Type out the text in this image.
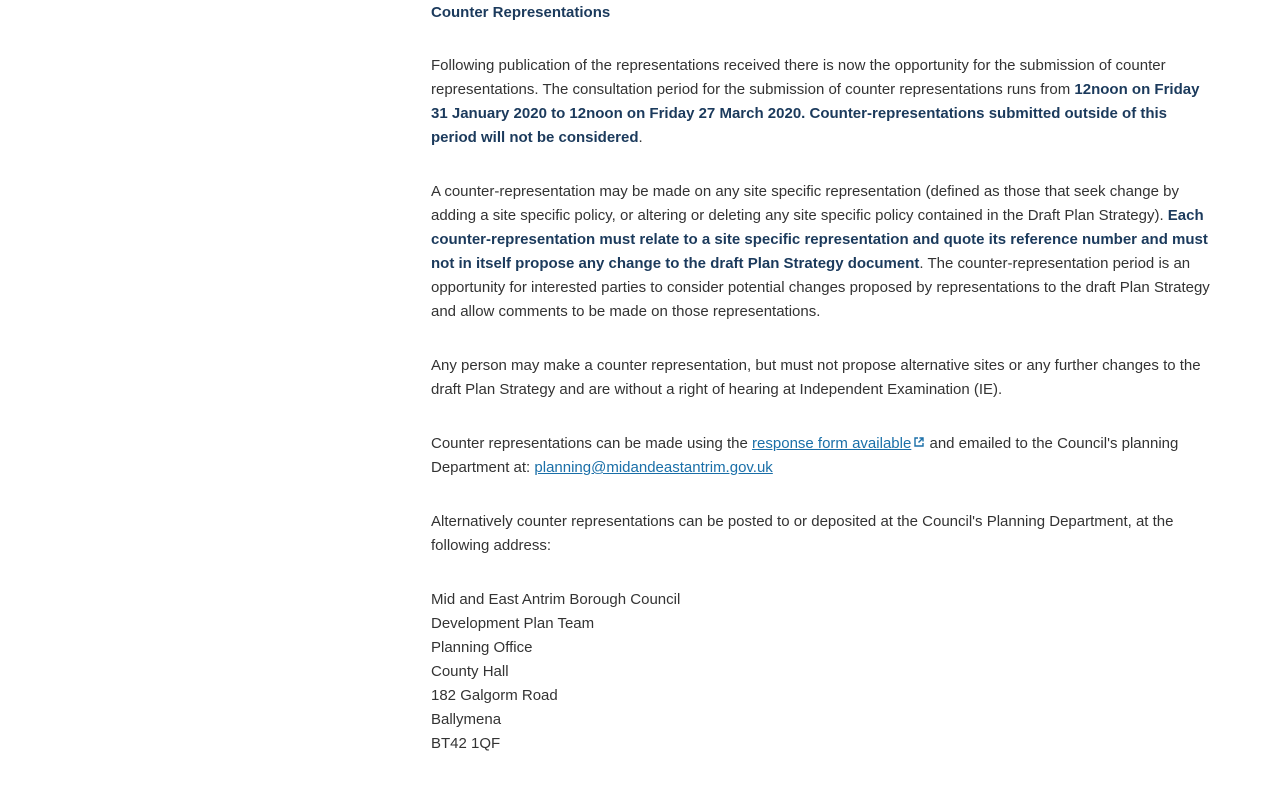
Counter Representations

Following publication of the representations received there is now the opportunity for the submission of counter representations. The consultation period for the submission of counter representations runs from 12noon on Friday 31 January 2020 to 12noon on Friday 27 March 2020. Counter-representations submitted outside of this period will not be considered.

A counter-representation may be made on any site specific representation (defined as those that seek change by adding a site specific policy, or altering or deleting any site specific policy contained in the Draft Plan Strategy). Each counter-representation must relate to a site specific representation and quote its reference number and must not in itself propose any change to the draft Plan Strategy document. The counter-representation period is an opportunity for interested parties to consider potential changes proposed by representations to the draft Plan Strategy and allow comments to be made on those representations.

Any person may make a counter representation, but must not propose alternative sites or any further changes to the draft Plan Strategy and are without a right of hearing at Independent Examination (IE).

Counter representations can be made using the response form available and emailed to the Council's planning Department at: planning@midandeastantrim.gov.uk

Alternatively counter representations can be posted to or deposited at the Council's Planning Department, at the following address:

Mid and East Antrim Borough Council
Development Plan Team
Planning Office
County Hall
182 Galgorm Road
Ballymena
BT42 1QF
